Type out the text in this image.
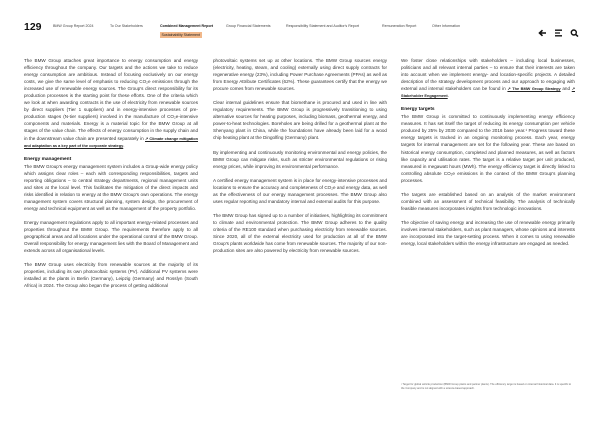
129	BMW Group Report 2024	To Our Stakeholders	Combined Management Report	Group Financial Statements	Responsibility Statement and Auditor's Report	Remuneration Report	Other Information
Sustainability Statement

The BMW Group attaches great importance to energy consumption and energy efficiency throughout the company. Our targets and the actions we take to reduce energy consumption are ambitious. Instead of focusing exclusively on our energy costs, we give the same level of emphasis to reducing CO₂e emissions through the increased use of renewable energy sources. The Group's direct responsibility for its production processes is the starting point for these efforts. One of the criteria which we look at when awarding contracts is the use of electricity from renewable sources by direct suppliers (Tier 1 suppliers) and in energy-intensive processes of pre-production stages (N-tier suppliers) involved in the manufacture of CO₂e-intensive components and materials. Energy is a material topic for the BMW Group at all stages of the value chain. The effects of energy consumption in the supply chain and in the downstream value chain are presented separately in ↗ Climate change mitigation and adaptation as a key part of the corporate strategy.

Energy management

The BMW Group's energy management system includes a Group-wide energy policy which assigns clear roles – each with corresponding responsibilities, targets and reporting obligations – to central strategy departments, regional management units and sites at the local level. This facilitates the mitigation of the direct impacts and risks identified in relation to energy at the BMW Group's own operations. The energy management system covers structural planning, system design, the procurement of energy and technical equipment as well as the management of the property portfolio.

Energy management regulations apply to all important energy-related processes and properties throughout the BMW Group. The requirements therefore apply to all geographical areas and all locations under the operational control of the BMW Group. Overall responsibility for energy management lies with the Board of Management and extends across all organisational levels.

The BMW Group uses electricity from renewable sources at the majority of its properties, including its own photovoltaic systems (PV). Additional PV systems were installed at the plants in Berlin (Germany), Leipzig (Germany) and Rosslyn (South Africa) in 2024. The Group also began the process of getting additional

photovoltaic systems set up at other locations. The BMW Group sources energy (electricity, heating, steam, and cooling) externally using direct supply contracts for regenerative energy (23%), including Power Purchase Agreements (PPAs) as well as from Energy Attribute Certificates (62%). These guarantees certify that the energy we procure comes from renewable sources.

Clear internal guidelines ensure that biomethane is procured and used in line with regulatory requirements. The BMW Group is progressively transitioning to using alternative sources for heating purposes, including biomass, geothermal energy, and power-to-heat technologies. Boreholes are being drilled for a geothermal plant at the Shenyang plant in China, while the foundations have already been laid for a wood chip heating plant at the Dingolfing (Germany) plant.

By implementing and continuously monitoring environmental and energy policies, the BMW Group can mitigate risks, such as stricter environmental regulations or rising energy prices, while improving its environmental performance.

A certified energy management system is in place for energy-intensive processes and locations to ensure the accuracy and completeness of CO₂e and energy data, as well as the effectiveness of our energy management processes. The BMW Group also uses regular reporting and mandatory internal and external audits for this purpose.

The BMW Group has signed up to a number of initiatives, highlighting its commitment to climate and environmental protection. The BMW Group adheres to the quality criteria of the RE100 standard when purchasing electricity from renewable sources. Since 2020, all of the external electricity used for production at all of the BMW Group's plants worldwide has come from renewable sources. The majority of our non-production sites are also powered by electricity from renewable sources.

We foster close relationships with stakeholders – including local businesses, politicians and all relevant internal parties – to ensure that their interests are taken into account when we implement energy- and location-specific projects. A detailed description of the strategy development process and our approach to engaging with external and internal stakeholders can be found in ↗ The BMW Group Strategy and ↗ Stakeholder Engagement.

Energy targets

The BMW Group is committed to continuously implementing energy efficiency measures. It has set itself the target of reducing its energy consumption per vehicle produced by 25% by 2030 compared to the 2016 base year.¹ Progress toward these energy targets is tracked in an ongoing monitoring process. Each year, energy targets for internal management are set for the following year. These are based on historical energy consumption, completed and planned measures, as well as factors like capacity and utilisation rates. The target is a relative target per unit produced, measured in megawatt hours (MWh). The energy efficiency target is directly linked to controlling absolute CO₂e emissions in the context of the BMW Group's planning processes.

The targets are established based on an analysis of the market environment combined with an assessment of technical feasibility. The analysis of technically feasible measures incorporates insights from technologic innovations.

The objective of saving energy and increasing the use of renewable energy primarily involves internal stakeholders, such as plant managers, whose opinions and interests are incorporated into the target-setting process. When it comes to using renewable energy, local stakeholders within the energy infrastructure are engaged as needed.

¹ Target for global vehicle production (BMW Group plants and partner plants). The efficiency target is based on internal historical data. It is specific to the Company and is not aligned with a science-based approach.
